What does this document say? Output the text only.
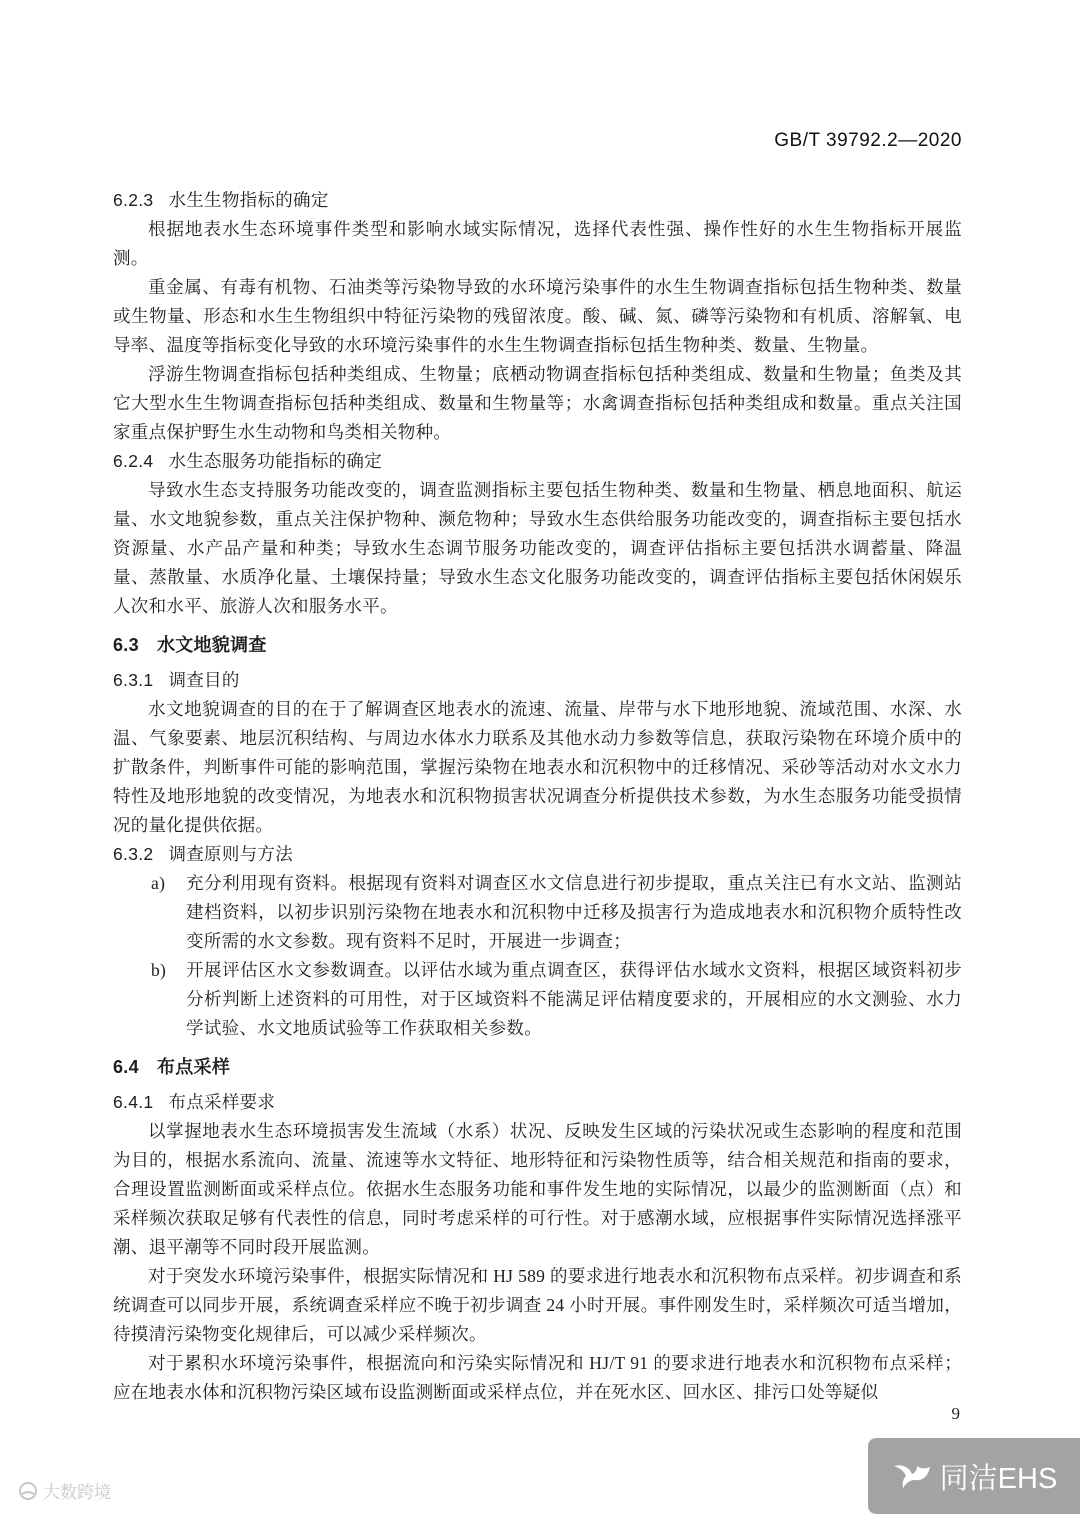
GB/T 39792.2—2020
6.2.3 水生生物指标的确定

根据地表水生态环境事件类型和影响水域实际情况，选择代表性强、操作性好的水生生物指标开展监测。

重金属、有毒有机物、石油类等污染物导致的水环境污染事件的水生生物调查指标包括生物种类、数量或生物量、形态和水生生物组织中特征污染物的残留浓度。酸、碱、氮、磷等污染物和有机质、溶解氧、电导率、温度等指标变化导致的水环境污染事件的水生生物调查指标包括生物种类、数量、生物量。

浮游生物调查指标包括种类组成、生物量；底栖动物调查指标包括种类组成、数量和生物量；鱼类及其它大型水生生物调查指标包括种类组成、数量和生物量等；水禽调查指标包括种类组成和数量。重点关注国家重点保护野生水生动物和鸟类相关物种。

6.2.4 水生态服务功能指标的确定

导致水生态支持服务功能改变的，调查监测指标主要包括生物种类、数量和生物量、栖息地面积、航运量、水文地貌参数，重点关注保护物种、濒危物种；导致水生态供给服务功能改变的，调查指标主要包括水资源量、水产品产量和种类；导致水生态调节服务功能改变的，调查评估指标主要包括洪水调蓄量、降温量、蒸散量、水质净化量、土壤保持量；导致水生态文化服务功能改变的，调查评估指标主要包括休闲娱乐人次和水平、旅游人次和服务水平。

6.3 水文地貌调查
6.3.1 调查目的

水文地貌调查的目的在于了解调查区地表水的流速、流量、岸带与水下地形地貌、流域范围、水深、水温、气象要素、地层沉积结构、与周边水体水力联系及其他水动力参数等信息，获取污染物在环境介质中的扩散条件，判断事件可能的影响范围，掌握污染物在地表水和沉积物中的迁移情况、采砂等活动对水文水力特性及地形地貌的改变情况，为地表水和沉积物损害状况调查分析提供技术参数，为水生态服务功能受损情况的量化提供依据。

6.3.2 调查原则与方法
a) 充分利用现有资料。根据现有资料对调查区水文信息进行初步提取，重点关注已有水文站、监测站建档资料，以初步识别污染物在地表水和沉积物中迁移及损害行为造成地表水和沉积物介质特性改变所需的水文参数。现有资料不足时，开展进一步调查；
b) 开展评估区水文参数调查。以评估水域为重点调查区，获得评估水域水文资料，根据区域资料初步分析判断上述资料的可用性，对于区域资料不能满足评估精度要求的，开展相应的水文测验、水力学试验、水文地质试验等工作获取相关参数。
6.4 布点采样
6.4.1 布点采样要求

以掌握地表水生态环境损害发生流域（水系）状况、反映发生区域的污染状况或生态影响的程度和范围为目的，根据水系流向、流量、流速等水文特征、地形特征和污染物性质等，结合相关规范和指南的要求，合理设置监测断面或采样点位。依据水生态服务功能和事件发生地的实际情况，以最少的监测断面（点）和采样频次获取足够有代表性的信息，同时考虑采样的可行性。对于感潮水域，应根据事件实际情况选择涨平潮、退平潮等不同时段开展监测。

对于突发水环境污染事件，根据实际情况和 HJ 589 的要求进行地表水和沉积物布点采样。初步调查和系统调查可以同步开展，系统调查采样应不晚于初步调查 24 小时开展。事件刚发生时，采样频次可适当增加，待摸清污染物变化规律后，可以减少采样频次。

对于累积水环境污染事件，根据流向和污染实际情况和 HJ/T 91 的要求进行地表水和沉积物布点采样；应在地表水体和沉积物污染区域布设监测断面或采样点位，并在死水区、回水区、排污口处等疑似

9
大数跨境	同洁EHS
